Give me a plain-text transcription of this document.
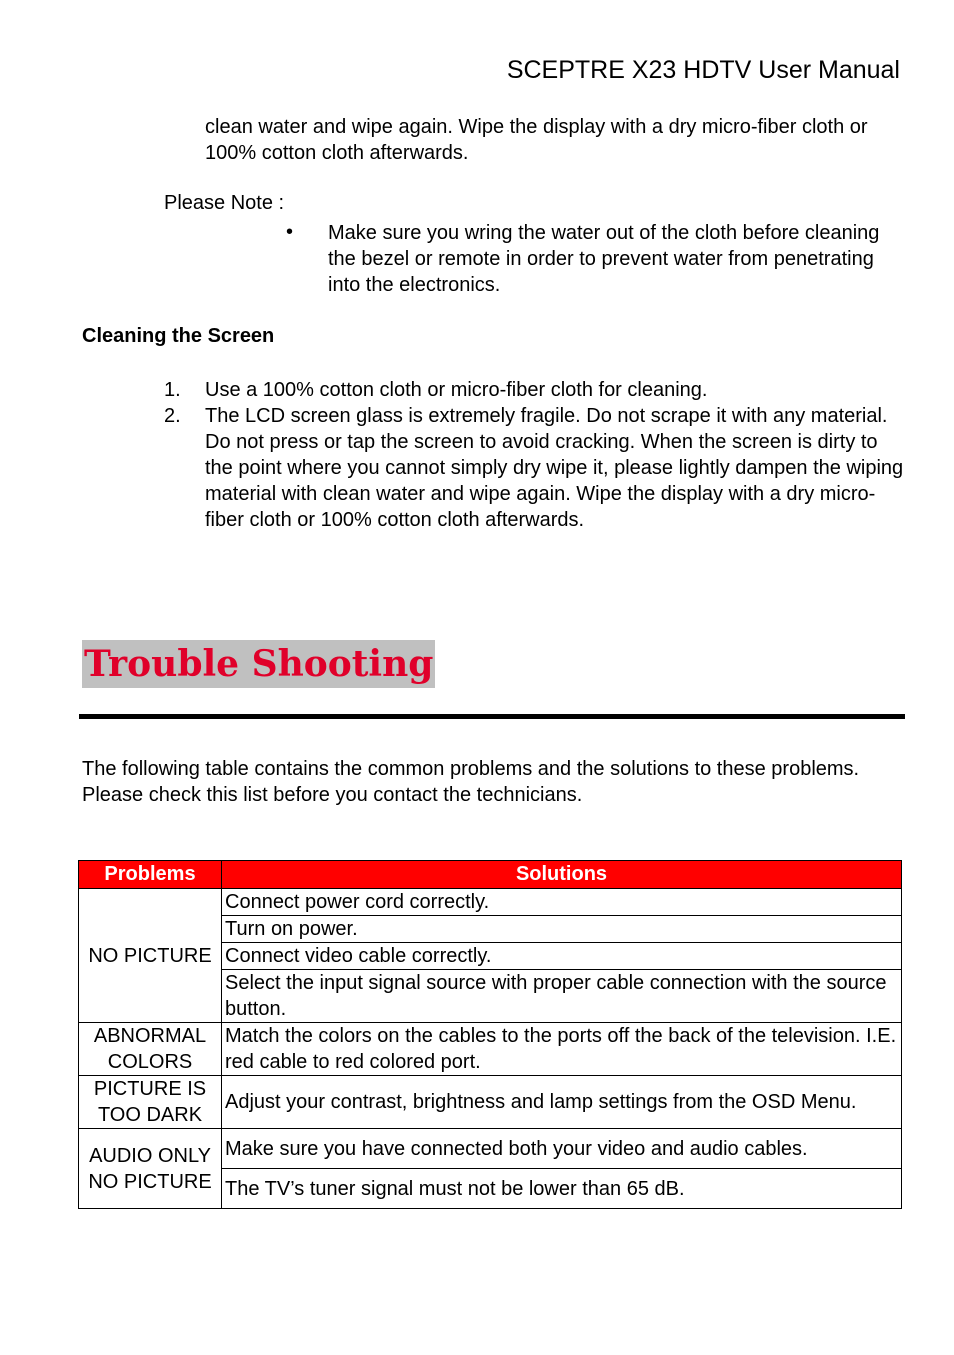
SCEPTRE X23 HDTV User Manual
clean water and wipe again. Wipe the display with a dry micro-fiber cloth or 100% cotton cloth afterwards.
Please Note :
• Make sure you wring the water out of the cloth before cleaning the bezel or remote in order to prevent water from penetrating into the electronics.
Cleaning the Screen
1. Use a 100% cotton cloth or micro-fiber cloth for cleaning.
2. The LCD screen glass is extremely fragile. Do not scrape it with any material. Do not press or tap the screen to avoid cracking. When the screen is dirty to the point where you cannot simply dry wipe it, please lightly dampen the wiping material with clean water and wipe again. Wipe the display with a dry micro-fiber cloth or 100% cotton cloth afterwards.
Trouble Shooting
The following table contains the common problems and the solutions to these problems. Please check this list before you contact the technicians.
Problems	Solutions
NO PICTURE	Connect power cord correctly.
	Turn on power.
	Connect video cable correctly.
	Select the input signal source with proper cable connection with the source button.
ABNORMAL COLORS	Match the colors on the cables to the ports off the back of the television. I.E. red cable to red colored port.
PICTURE IS TOO DARK	Adjust your contrast, brightness and lamp settings from the OSD Menu.
AUDIO ONLY NO PICTURE	Make sure you have connected both your video and audio cables.
	The TV’s tuner signal must not be lower than 65 dB.
